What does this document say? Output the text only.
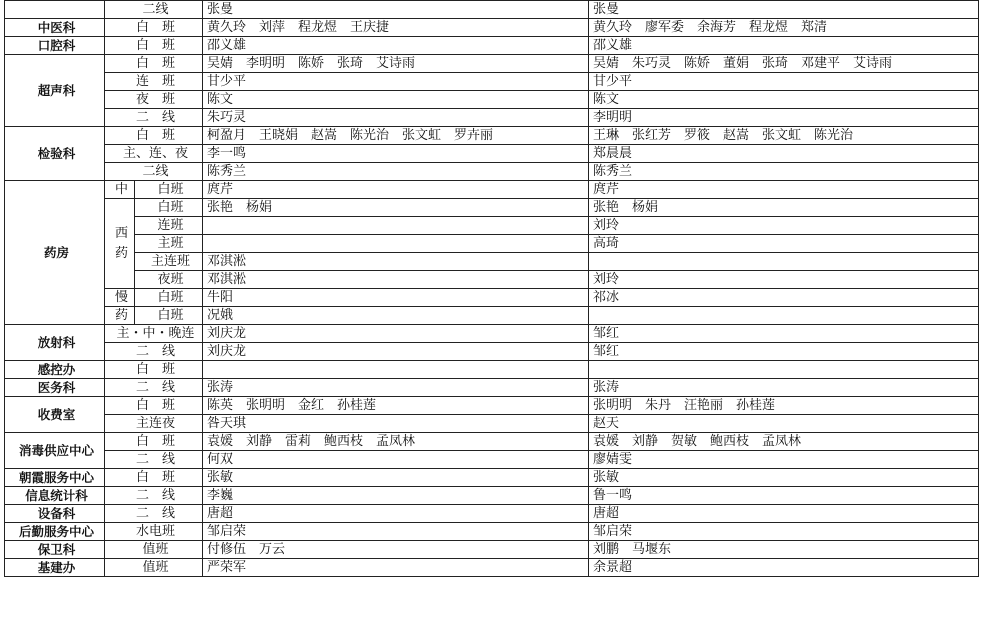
	二线		张曼	张曼
中医科	白　班		黄久玲　刘萍　程龙煜　王庆捷	黄久玲　廖军委　余海芳　程龙煜　郑清
口腔科	白　班		邵义雄	邵义雄
超声科	白　班		吴婧　李明明　陈娇　张琦　艾诗雨	吴婧　朱巧灵　陈娇　董娟　张琦　邓建平　艾诗雨
	连　班		甘少平	甘少平
	夜　班		陈文	陈文
	二　线		朱巧灵	李明明
检验科	白　班		柯盈月　王晓娟　赵嵩　陈光治　张文虹　罗卉丽	王琳　张红芳　罗筱　赵嵩　张文虹　陈光治
	主、连、夜		李一鸣	郑晨晨
	二线		陈秀兰	陈秀兰
药房	中	白班	庹芹	庹芹
	西药	白班	张艳　杨娟	张艳　杨娟
		连班		刘玲
		主班		高琦
		主连班	邓淇淞	
		夜班	邓淇淞	刘玲
	慢	白班	牛阳	祁冰
	药	白班	况娥	
放射科	主・中・晚连		刘庆龙	邹红
	二　线		刘庆龙	邹红
感控办	白　班			
医务科	二　线		张涛	张涛
收费室	白　班		陈英　张明明　金红　孙桂莲	张明明　朱丹　汪艳丽　孙桂莲
	主连夜		咎天琪	赵天
消毒供应中心	白　班		袁媛　刘静　雷莉　鲍西枝　孟凤林	袁媛　刘静　贺敏　鲍西枝　孟凤林
	二　线		何双	廖婧雯
朝霞服务中心	白　班		张敏	张敏
信息统计科	二　线		李巍	鲁一鸣
设备科	二　线		唐超	唐超
后勤服务中心	水电班		邹启荣	邹启荣
保卫科	值班		付修伍　万云	刘鹏　马堰东
基建办	值班		严荣军	余景超
